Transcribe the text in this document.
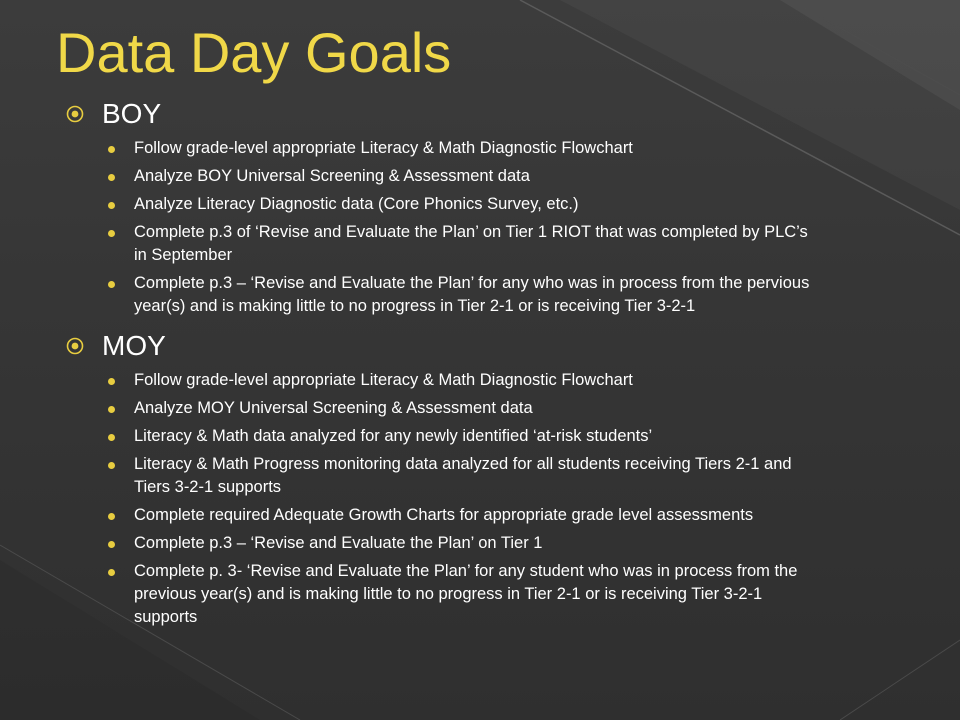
Data Day Goals
BOY
Follow grade-level appropriate Literacy & Math Diagnostic Flowchart
Analyze BOY Universal Screening & Assessment data
Analyze Literacy Diagnostic data (Core Phonics Survey, etc.)
Complete p.3 of ‘Revise and Evaluate the Plan’ on Tier 1 RIOT that was completed by PLC’s in September
Complete p.3 – ‘Revise and Evaluate the Plan’ for any who was in process from the pervious year(s) and is making little to no progress in Tier 2-1 or is receiving Tier 3-2-1
MOY
Follow grade-level appropriate Literacy & Math Diagnostic Flowchart
Analyze MOY Universal Screening & Assessment data
Literacy & Math data analyzed for any newly identified ‘at-risk students’
Literacy & Math Progress monitoring data analyzed for all students receiving Tiers 2-1 and Tiers 3-2-1 supports
Complete required Adequate Growth Charts for appropriate grade level assessments
Complete p.3 – ‘Revise and Evaluate the Plan’ on Tier 1
Complete p. 3- ‘Revise and Evaluate the Plan’ for any student who was in process from the previous year(s) and is making little to no progress in Tier 2-1 or is receiving Tier 3-2-1 supports
